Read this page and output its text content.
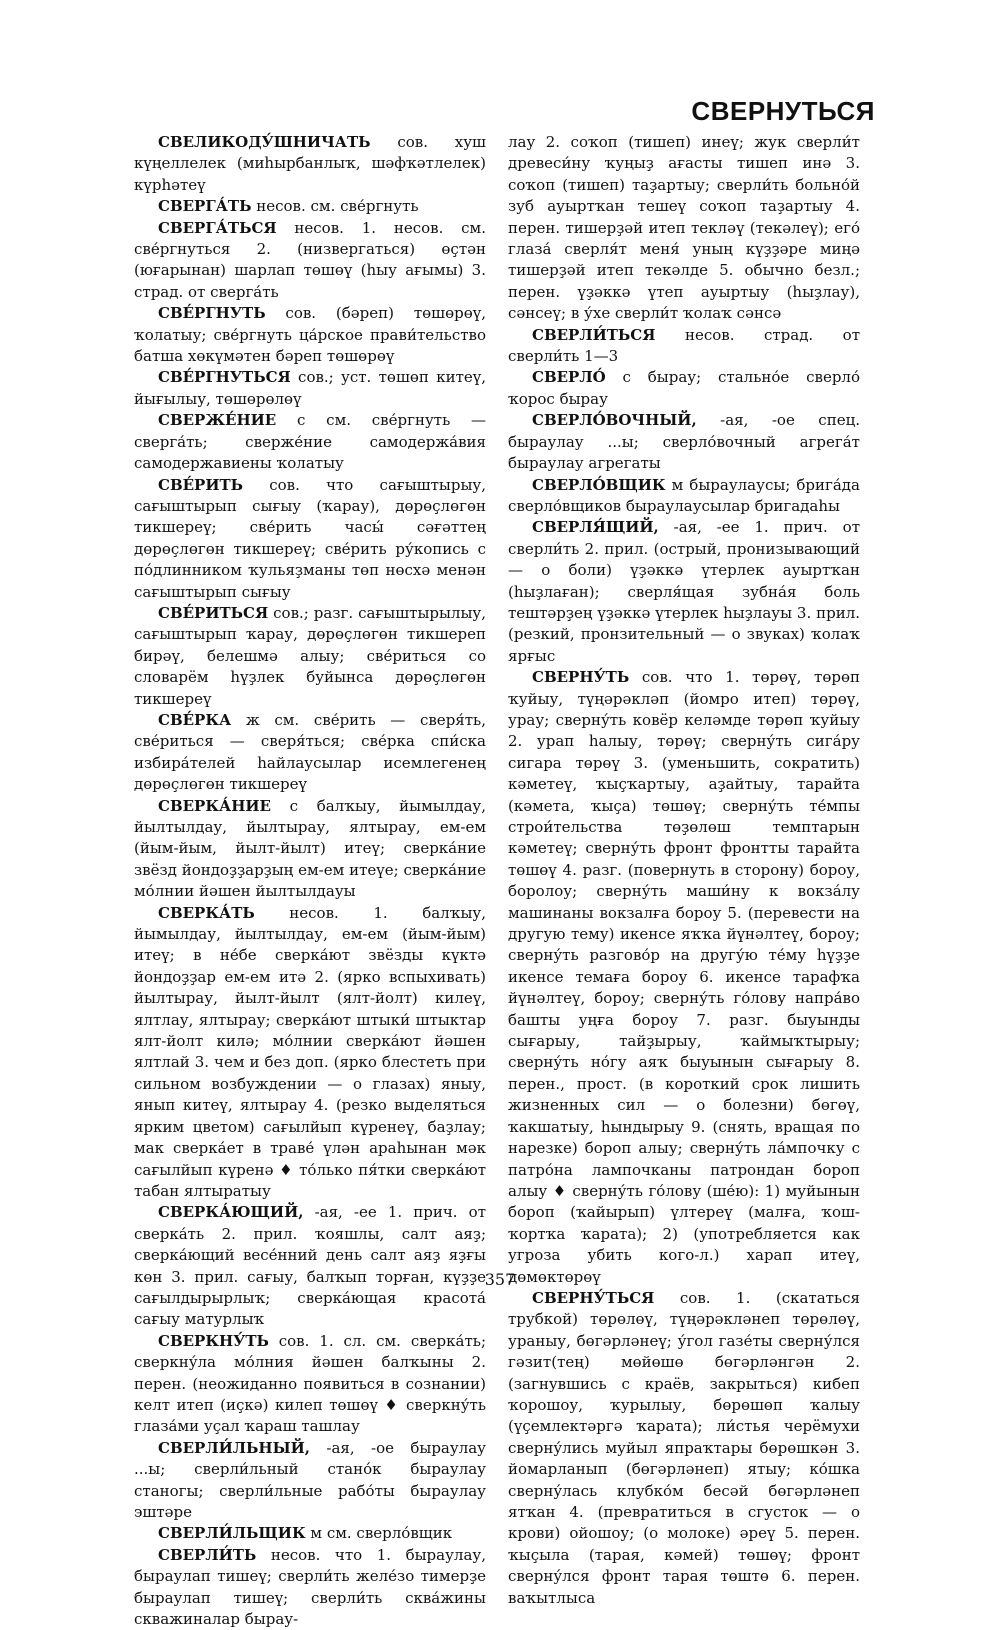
СВЕРНУТЬСЯ

СВЕЛИКОДУ́ШНИЧАТЬ сов. хуш күңеллелек (миһырбанлыҡ, шәфҡәтлелек) күрһәтеү

СВЕРГА́ТЬ несов. см. све́ргнуть

СВЕРГА́ТЬСЯ несов. 1. несов. см. све́ргнуться 2. (низвергаться) өҫтән (юғарынан) шарлап төшөү (һыу ағымы) 3. страд. от сверга́ть

СВЕ́РГНУТЬ сов. (бәреп) төшөрөү, ҡолатыу; све́ргнуть ца́рское прави́тельство батша хөкүмәтен бәреп төшөрөү

СВЕ́РГНУТЬСЯ сов.; уст. төшөп китеү, йығылыу, төшөрөлөү

СВЕРЖЕ́НИЕ с см. све́ргнуть — сверга́ть; сверже́ние самодержа́вия самодержавиены ҡолатыу

СВЕ́РИТЬ сов. что сағыштырыу, сағыштырып сығыу (ҡарау), дөрөҫлөгөн тикшереү; све́рить часы́ сәғәттең дөрөҫлөгөн тикшереү; све́рить ру́копись с по́длинником ҡульяҙманы төп нөсхә менән сағыштырып сығыу

СВЕ́РИТЬСЯ сов.; разг. сағыштырылыу, сағыштырып ҡарау, дөрөҫлөгөн тикшереп бирәү, белешмә алыу; све́риться со словарём һүҙлек буйынса дөрөҫлөгөн тикшереү

СВЕ́РКА ж см. све́рить — сверя́ть, све́риться — сверя́ться; све́рка спи́ска избира́телей һайлаусылар исемлегенең дөрөҫлөгөн тикшереү

СВЕРКА́НИЕ с балҡыу, йымылдау, йылтылдау, йылтырау, ялтырау, ем-ем (йым-йым, йылт-йылт) итеү; сверка́ние звёзд йондоҙҙарҙың ем-ем итеүе; сверка́ние мо́лнии йәшен йылтылдауы

СВЕРКА́ТЬ несов. 1. балҡыу, йымылдау, йылтылдау, ем-ем (йым-йым) итеү; в не́бе сверка́ют звёзды күктә йондоҙҙар ем-ем итә 2. (ярко вспыхивать) йылтырау, йылт-йылт (ялт-йолт) килеү, ялтлау, ялтырау; сверка́ют штыки́ штыктар ялт-йолт килә; мо́лнии сверка́ют йәшен ялтлай 3. чем и без доп. (ярко блестеть при сильном возбуждении — о глазах) яныу, янып китеү, ялтырау 4. (резко выделяться ярким цветом) сағылйып күренеү, баҙлау; мак сверка́ет в траве́ үлән араһынан мәк сағылйып күренә ♦ то́лько пя́тки сверка́ют табан ялтыратыу

СВЕРКА́ЮЩИЙ, -ая, -ее 1. прич. от сверка́ть 2. прил. ҡояшлы, салт аяҙ; сверка́ющий весе́нний день салт аяҙ яҙғы көн 3. прил. сағыу, балҡып торған, күҙҙе сағылдырырлыҡ; сверка́ющая красота́ сағыу матурлыҡ

СВЕРКНУ́ТЬ сов. 1. сл. см. сверка́ть; сверкну́ла мо́лния йәшен балҡыны 2. перен. (неожиданно появиться в сознании) келт итеп (иҫкә) килеп төшөү ♦ сверкну́ть глаза́ми уҫал ҡараш ташлау

СВЕРЛИ́ЛЬНЫЙ, -ая, -ое быраулау ...ы; сверли́льный стано́к быраулау станогы; сверли́льные рабо́ты быраулау эштәре

СВЕРЛИ́ЛЬЩИК м см. сверло́вщик

СВЕРЛИ́ТЬ несов. что 1. быраулау, быраулап тишеү; сверли́ть желе́зо тимерҙе быраулап тишеү; сверли́ть сква́жины скважиналар бырау-

лау 2. соҡоп (тишеп) инеү; жук сверли́т древеси́ну ҡуңыҙ ағасты тишеп инә 3. соҡоп (тишеп) таҙартыу; сверли́ть больно́й зуб ауыртҡан тешеү соҡоп таҙартыу 4. перен. тишерҙәй итеп текләү (текәлеү); его́ глаза́ сверля́т меня́ уның күҙҙәре миңә тишерҙәй итеп текәлде 5. обычно безл.; перен. үҙәккә үтеп ауыртыу (һыҙлау), сәнсеү; в у́хе сверли́т ҡолаҡ сәнсә

СВЕРЛИ́ТЬСЯ несов. страд. от сверли́ть 1—3

СВЕРЛО́ с бырау; стально́е сверло́ ҡорос бырау

СВЕРЛО́ВОЧНЫЙ, -ая, -ое спец. быраулау ...ы; сверло́вочный агрега́т быраулау агрегаты

СВЕРЛО́ВЩИК м быраулаусы; брига́да сверло́вщиков быраулаусылар бригадаһы

СВЕРЛЯ́ЩИЙ, -ая, -ее 1. прич. от сверли́ть 2. прил. (острый, пронизывающий — о боли) үҙәккә үтерлек ауыртҡан (һыҙлаған); сверля́щая зубна́я боль тештәрҙең үҙәккә үтерлек һыҙлауы 3. прил. (резкий, пронзительный — о звуках) ҡолаҡ ярғыс

СВЕРНУ́ТЬ сов. что 1. төрөү, төрөп ҡуйыу, түңәрәкләп (йомро итеп) төрөү, урау; сверну́ть ковёр келәмде төрөп ҡуйыу 2. урап һалыу, төрөү; сверну́ть сига́ру сигара төрөү 3. (уменьшить, сократить) кәметеү, ҡыҫҡартыу, аҙайтыу, тарайта (кәмета, ҡыҫа) төшөү; сверну́ть те́мпы строи́тельства төҙөлөш темптарын кәметеү; сверну́ть фронт фронтты тарайта төшөү 4. разг. (повернуть в сторону) бороу, боролоу; сверну́ть маши́ну к вокза́лу машинаны вокзалға бороу 5. (перевести на другую тему) икенсе яҡҡа йүнәлтеү, бороу; сверну́ть разгово́р на другу́ю те́му һүҙҙе икенсе темаға бороу 6. икенсе тарафҡа йүнәлтеү, бороу; сверну́ть го́лову напра́во башты уңға бороу 7. разг. быуынды сығарыу, тайҙырыу, ҡаймыҡтырыу; сверну́ть но́гу аяҡ быуынын сығарыу 8. перен., прост. (в короткий срок лишить жизненных сил — о болезни) бөгөү, ҡакшатыу, һындырыу 9. (снять, вращая по нарезке) бороп алыу; сверну́ть ла́мпочку с патро́на лампочканы патрондан бороп алыу ♦ сверну́ть го́лову (ше́ю): 1) муйынын бороп (ҡайырып) үлтереү (малға, ҡош-ҡортҡа ҡарата); 2) (употребляется как угроза убить кого-л.) харап итеү, дөмөктөрөү

СВЕРНУ́ТЬСЯ сов. 1. (скататься трубкой) төрөлөү, түңәрәкләнеп төрөлөү, ураныу, бөгәрләнеү; у́гол газе́ты сверну́лся гәзит(тең) мөйөшө бөгәрләнгән 2. (загнувшись с краёв, закрыться) кибеп ҡорошоу, ҡурылыу, бөрөшөп ҡалыу (үҫемлектәргә ҡарата); ли́стья черёмухи сверну́лись муйыл япраҡтары бөрөшкән 3. йомарланып (бөгәрләнеп) ятыу; ко́шка сверну́лась клубко́м бесәй бөгәрләнеп ятҡан 4. (превратиться в сгусток — о крови) ойошоу; (о молоке) әреү 5. перен. ҡыҫыла (тарая, кәмей) төшөү; фронт сверну́лся фронт тарая төштө 6. перен. ваҡытлыса

357
